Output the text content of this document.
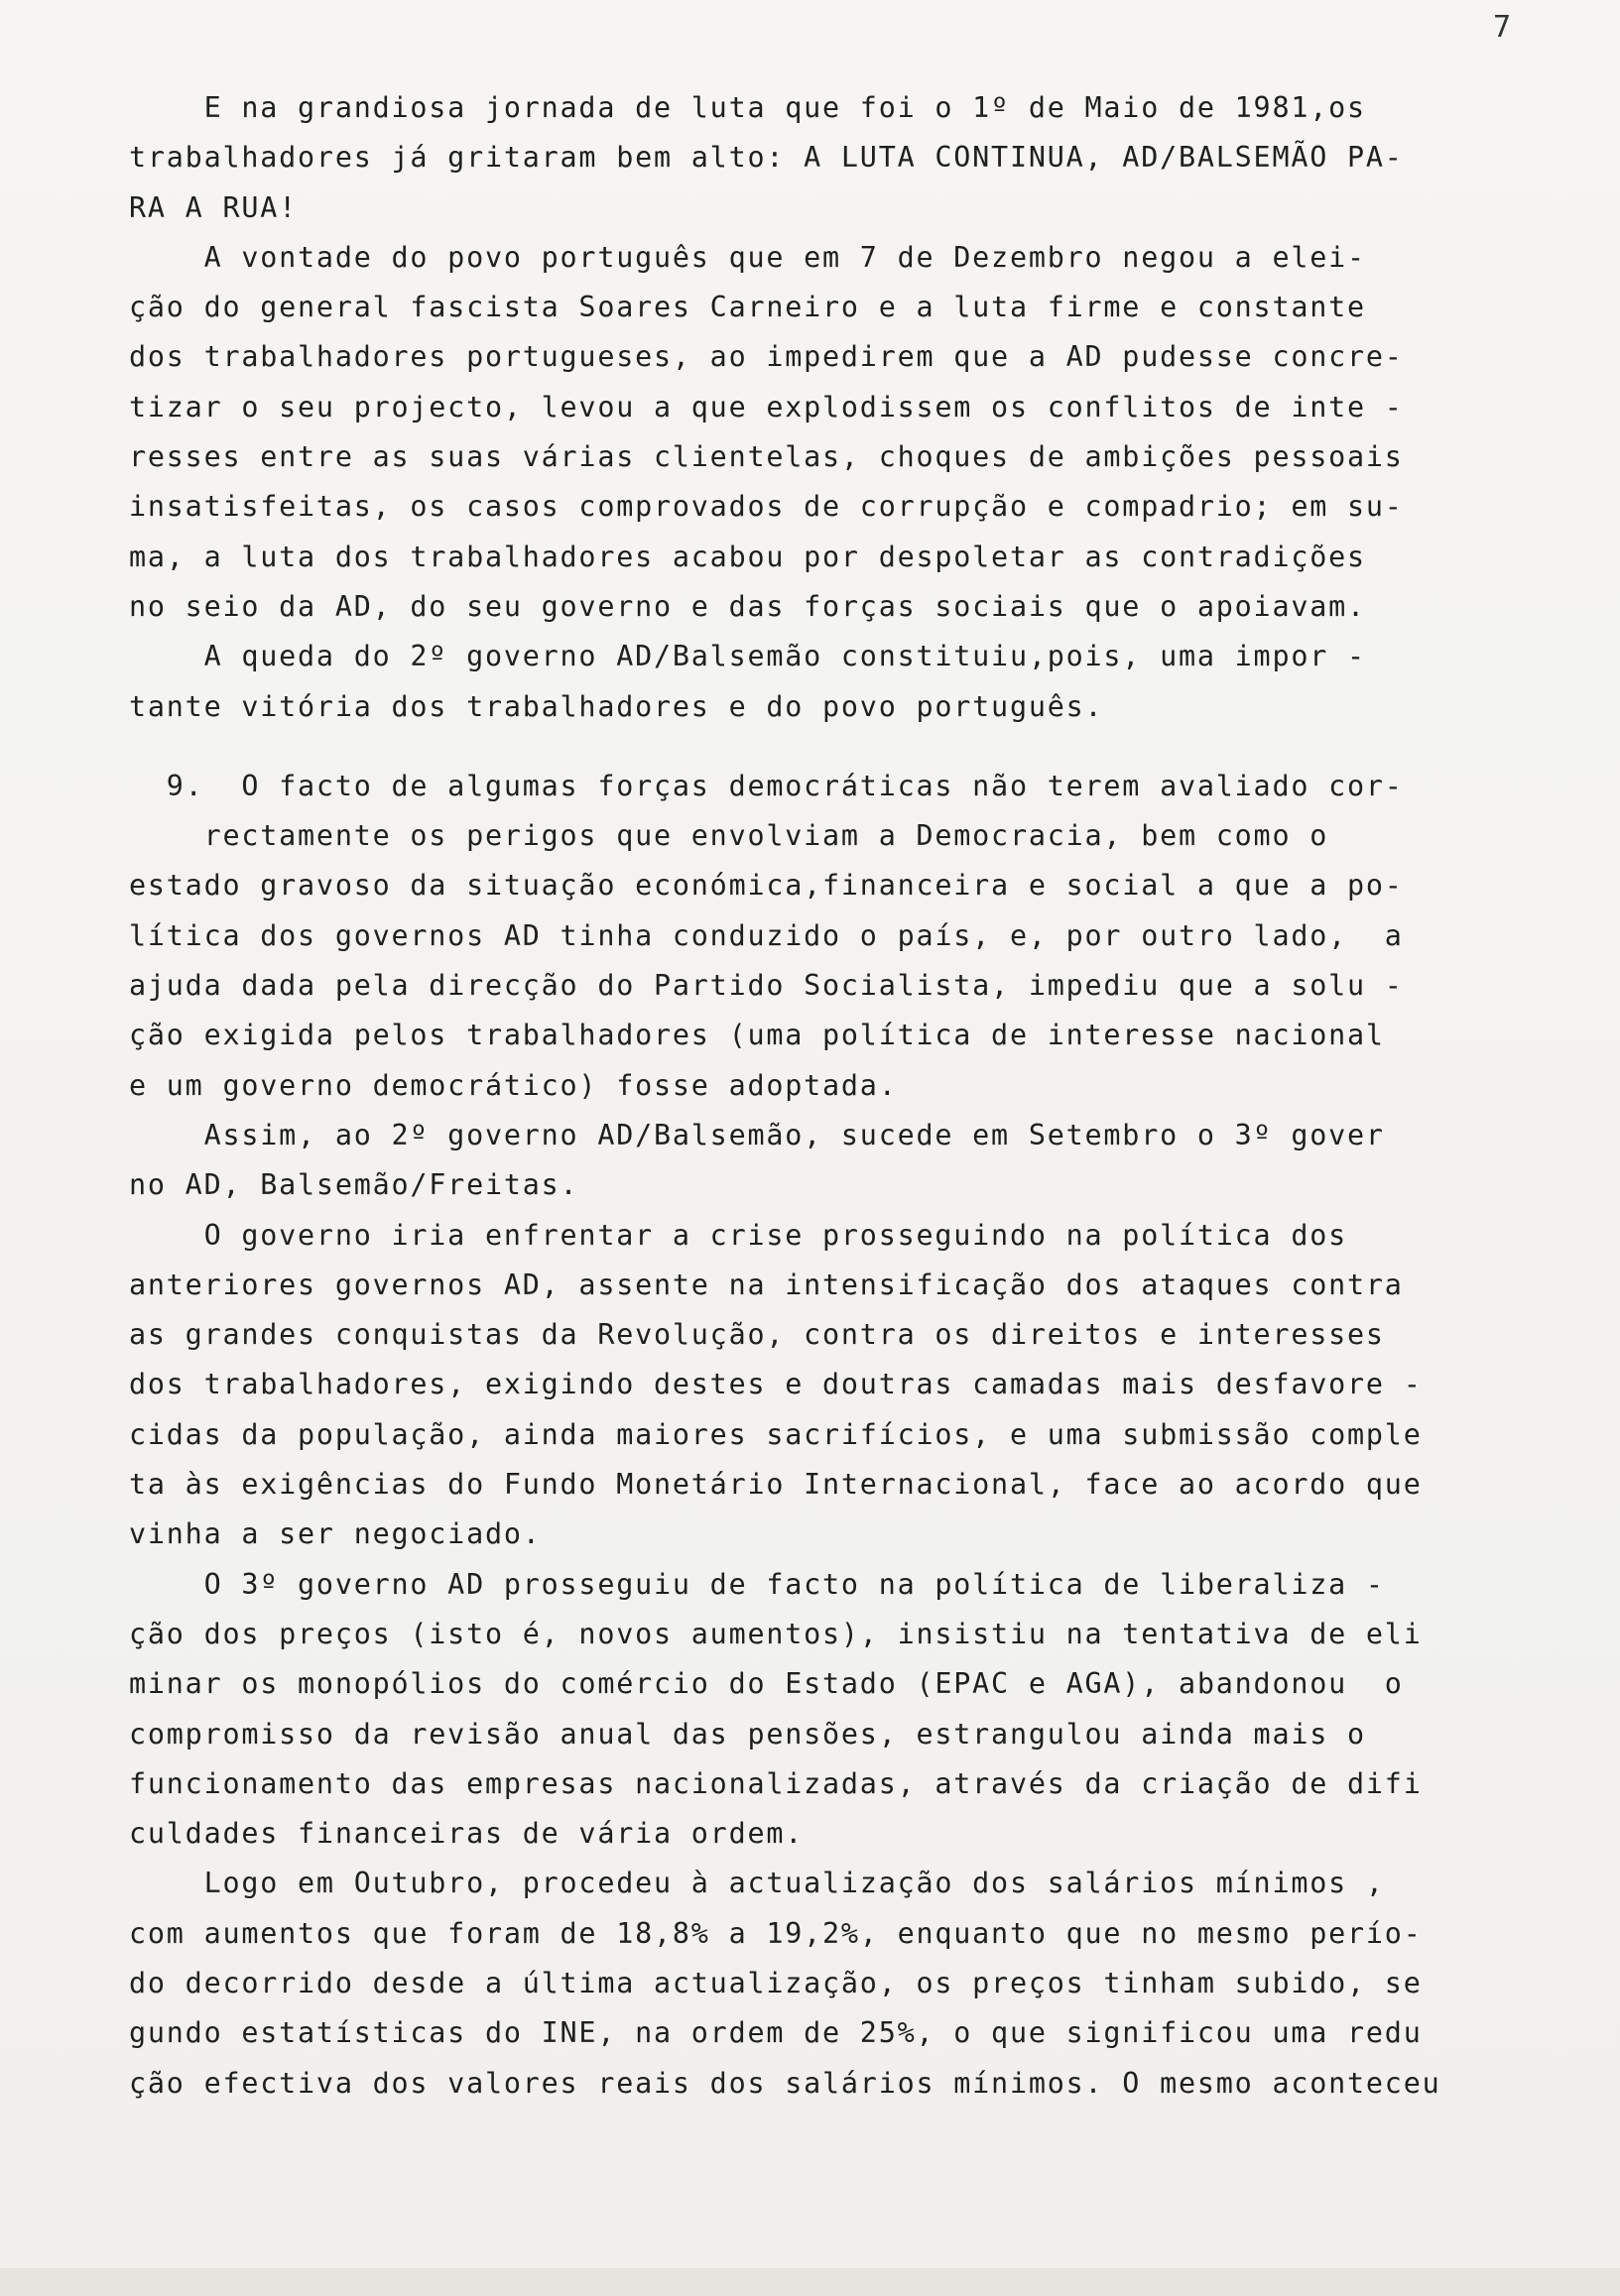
7
E na grandiosa jornada de luta que foi o 1º de Maio de 1981,os
trabalhadores já gritaram bem alto: A LUTA CONTINUA, AD/BALSEMÃO PA-
RA A RUA!
A vontade do povo português que em 7 de Dezembro negou a elei-
ção do general fascista Soares Carneiro e a luta firme e constante
dos trabalhadores portugueses, ao impedirem que a AD pudesse concre-
tizar o seu projecto, levou a que explodissem os conflitos de inte -
resses entre as suas várias clientelas, choques de ambições pessoais
insatisfeitas, os casos comprovados de corrupção e compadrio; em su-
ma, a luta dos trabalhadores acabou por despoletar as contradições
no seio da AD, do seu governo e das forças sociais que o apoiavam.
A queda do 2º governo AD/Balsemão constituiu,pois, uma impor -
tante vitória dos trabalhadores e do povo português.
9.  O facto de algumas forças democráticas não terem avaliado cor-
rectamente os perigos que envolviam a Democracia, bem como o
estado gravoso da situação económica,financeira e social a que a po-
lítica dos governos AD tinha conduzido o país, e, por outro lado,  a
ajuda dada pela direcção do Partido Socialista, impediu que a solu -
ção exigida pelos trabalhadores (uma política de interesse nacional
e um governo democrático) fosse adoptada.
Assim, ao 2º governo AD/Balsemão, sucede em Setembro o 3º gover
no AD, Balsemão/Freitas.
O governo iria enfrentar a crise prosseguindo na política dos
anteriores governos AD, assente na intensificação dos ataques contra
as grandes conquistas da Revolução, contra os direitos e interesses
dos trabalhadores, exigindo destes e doutras camadas mais desfavore -
cidas da população, ainda maiores sacrifícios, e uma submissão comple
ta às exigências do Fundo Monetário Internacional, face ao acordo que
vinha a ser negociado.
O 3º governo AD prosseguiu de facto na política de liberaliza -
ção dos preços (isto é, novos aumentos), insistiu na tentativa de eli
minar os monopólios do comércio do Estado (EPAC e AGA), abandonou  o
compromisso da revisão anual das pensões, estrangulou ainda mais o
funcionamento das empresas nacionalizadas, através da criação de difi
culdades financeiras de vária ordem.
Logo em Outubro, procedeu à actualização dos salários mínimos ,
com aumentos que foram de 18,8% a 19,2%, enquanto que no mesmo perío-
do decorrido desde a última actualização, os preços tinham subido, se
gundo estatísticas do INE, na ordem de 25%, o que significou uma redu
ção efectiva dos valores reais dos salários mínimos. O mesmo aconteceu
